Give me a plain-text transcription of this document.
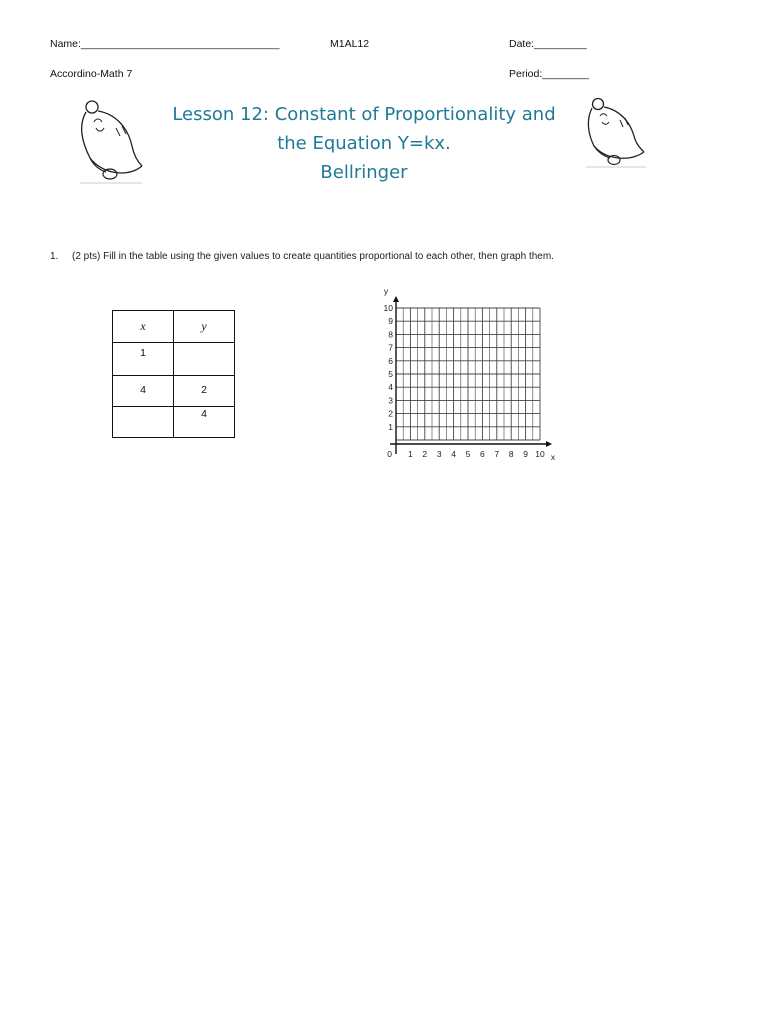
Name:__________________________________	M1AL12	Date:_________
Accordino-Math 7	Period:________
Lesson 12: Constant of Proportionality and
the Equation Y=kx.
Bellringer
1. (2 pts) Fill in the table using the given values to create quantities proportional to each other, then graph them.
x	y

1	

4	2

	4
1
2
3
4
5
6
7
8
9
10
1 2 3 4 5 6 7 8 9 10
0
y
x
